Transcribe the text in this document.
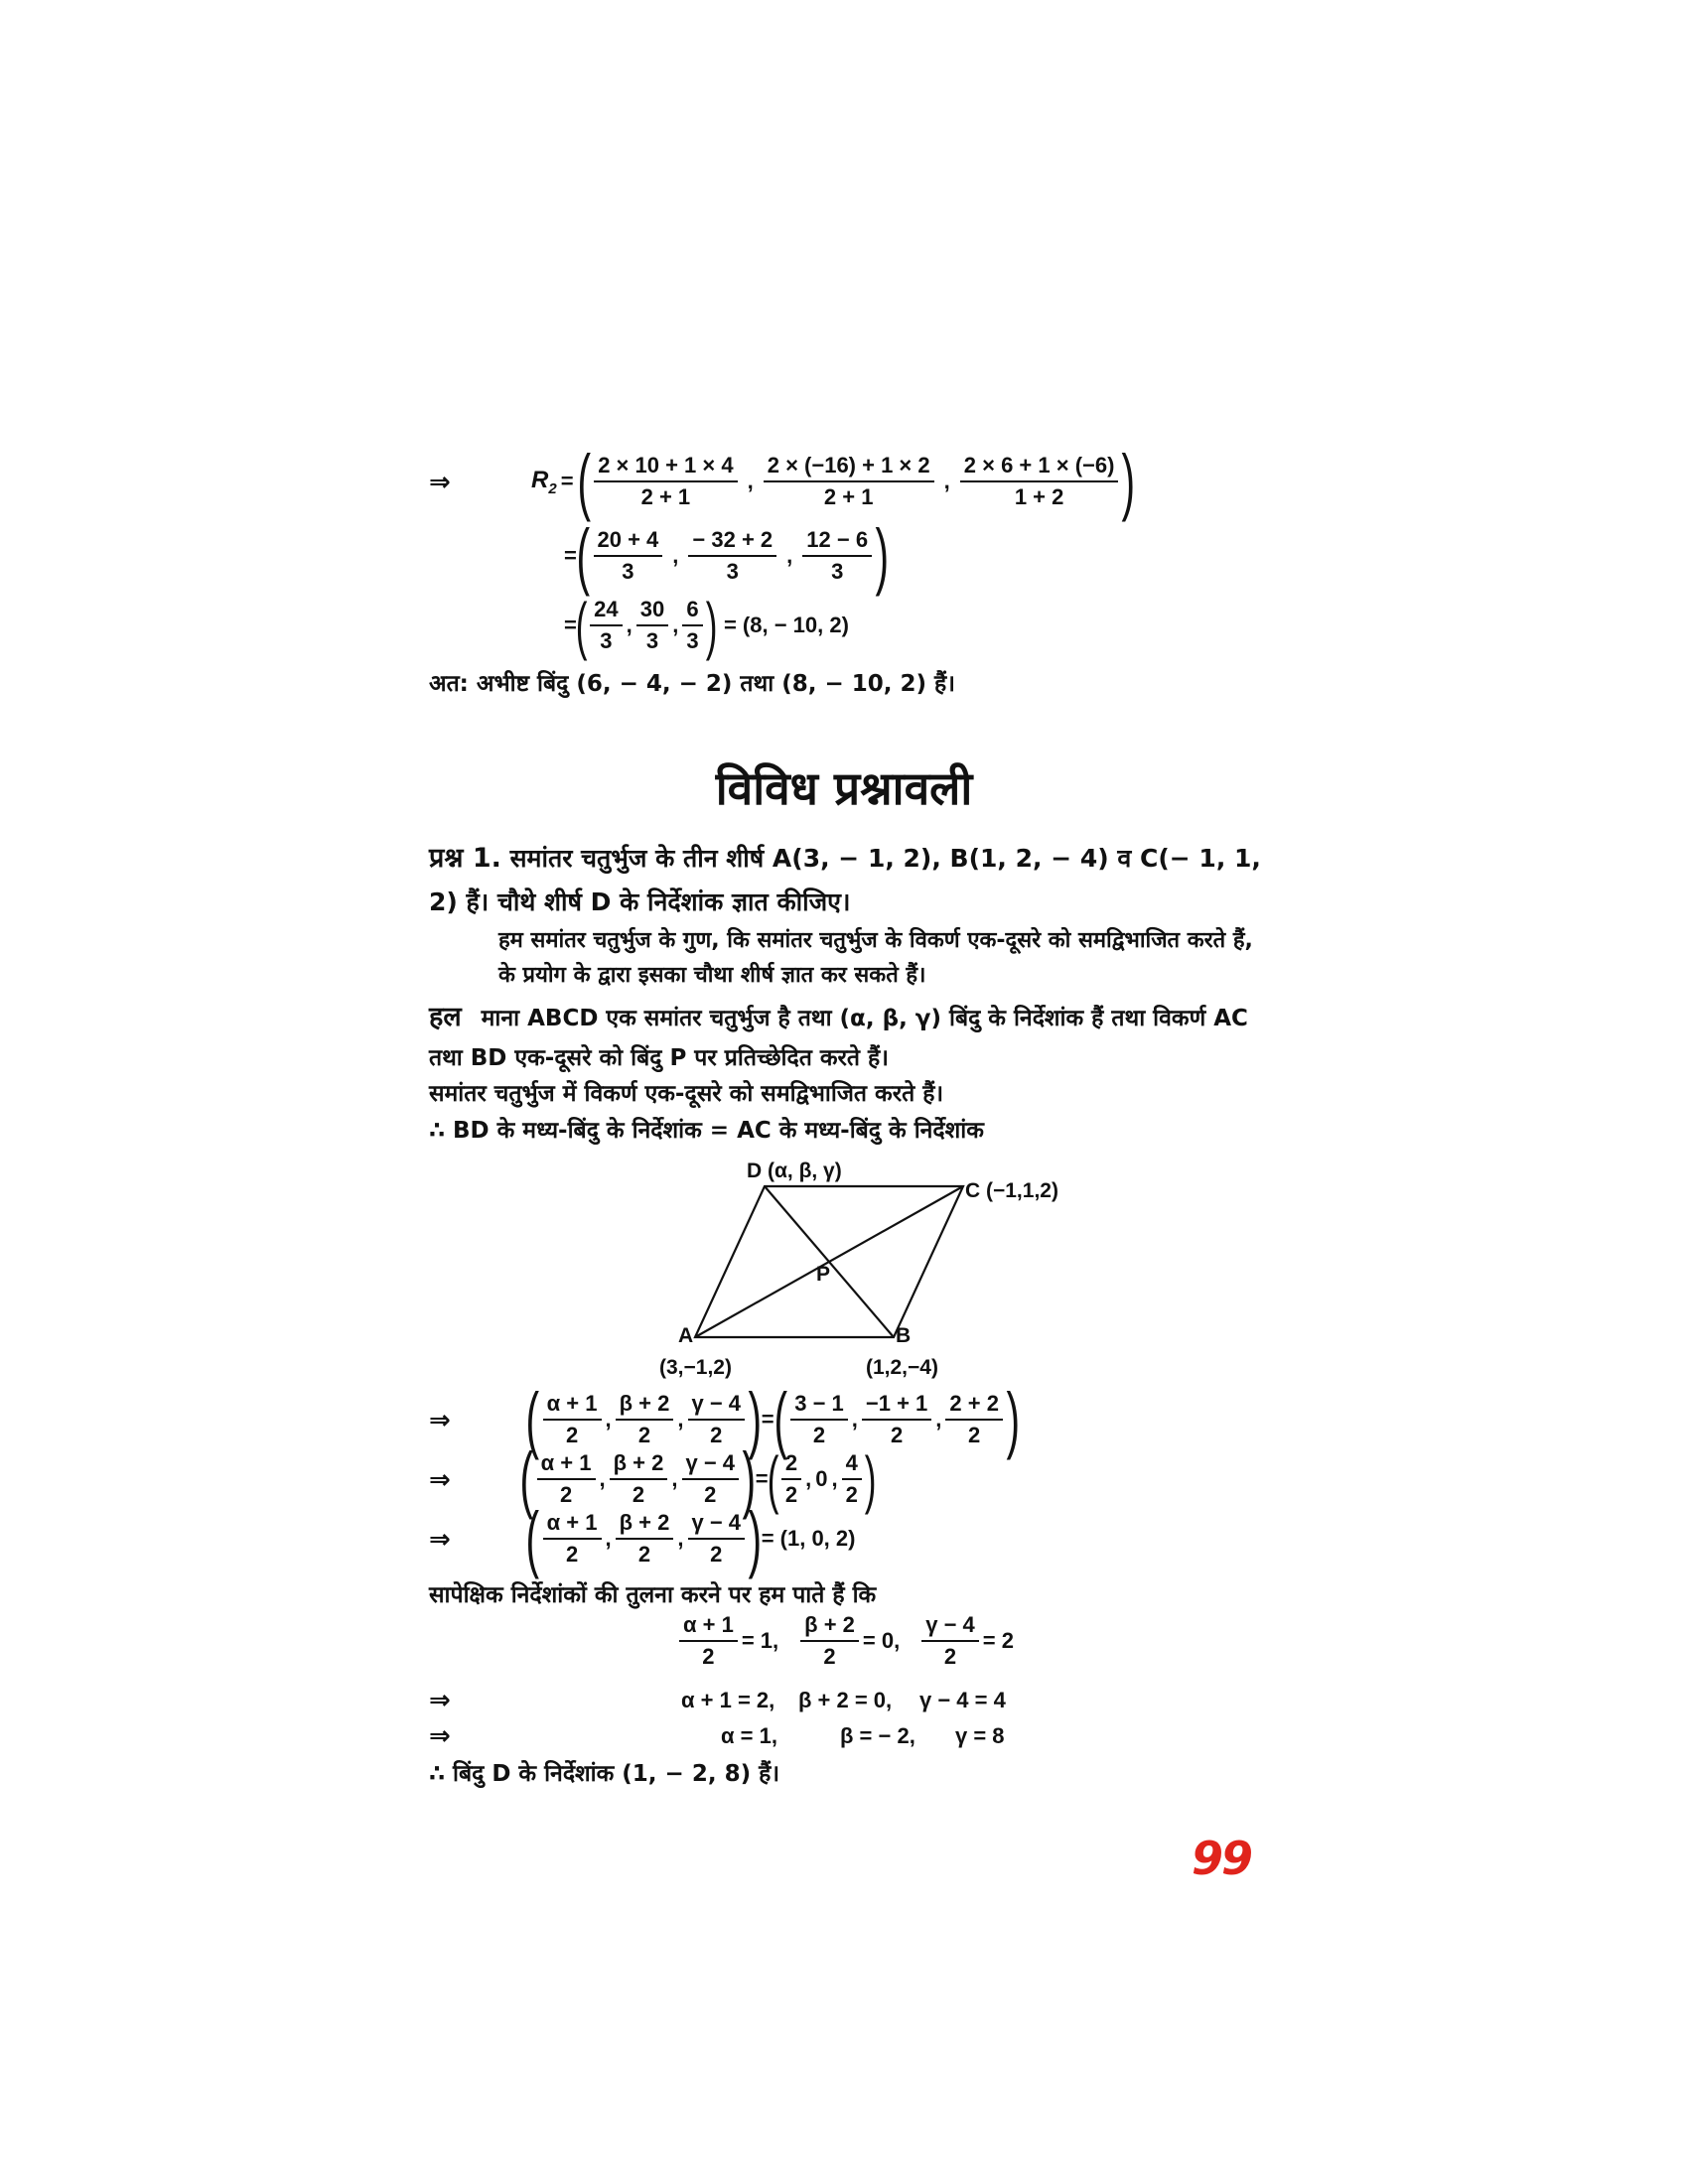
⇒	$R_2$ = ( $\frac{2 \times 10 + 1 \times 4}{2 + 1}$ , $\frac{2 \times (-16) + 1 \times 2}{2 + 1}$ , $\frac{2 \times 6 + 1 \times (-6)}{1 + 2}$ )
= ( $\frac{20 + 4}{3}$ , $\frac{- 32 + 2}{3}$ , $\frac{12 - 6}{3}$ )
=
( $\frac{24}{3}$ , $\frac{30}{3}$ , $\frac{6}{3}$ ) = (8, − 10, 2)
अत: अभीष्ट बिंदु (6, − 4, − 2) तथा (8, − 10, 2) हैं।
विविध प्रश्नावली
प्रश्न 1. समांतर चतुर्भुज के तीन शीर्ष A(3, − 1, 2), B(1, 2, − 4) व C(− 1, 1, 2) हैं। चौथे शीर्ष D के निर्देशांक ज्ञात कीजिए।
हम समांतर चतुर्भुज के गुण, कि समांतर चतुर्भुज के विकर्ण एक-दूसरे को समद्विभाजित करते हैं, के प्रयोग के द्वारा इसका चौथा शीर्ष ज्ञात कर सकते हैं।
हल माना ABCD एक समांतर चतुर्भुज है तथा (α, β, γ) बिंदु के निर्देशांक हैं तथा विकर्ण AC तथा BD एक-दूसरे को बिंदु P पर प्रतिच्छेदित करते हैं।
समांतर चतुर्भुज में विकर्ण एक-दूसरे को समद्विभाजित करते हैं।
∴ BD के मध्य-बिंदु के निर्देशांक = AC के मध्य-बिंदु के निर्देशांक
D (α, β, γ)
C (−1,1,2)
P
A
(3,−1,2)
B
(1,2,−4)
⇒ ( $\frac{\alpha + 1}{2}$ , $\frac{\beta + 2}{2}$ , $\frac{\gamma - 4}{2}$ ) = ( $\frac{3 - 1}{2}$ , $\frac{-1 + 1}{2}$ , $\frac{2 + 2}{2}$ )
⇒ ( $\frac{\alpha + 1}{2}$ , $\frac{\beta + 2}{2}$ , $\frac{\gamma - 4}{2}$ ) =
( $\frac{2}{2}$ , 0 , $\frac{4}{2}$ )
⇒ ( $\frac{\alpha + 1}{2}$ , $\frac{\beta + 2}{2}$ , $\frac{\gamma - 4}{2}$ ) = (1, 0, 2)
सापेक्षिक निर्देशांकों की तुलना करने पर हम पाते हैं कि
$\frac{\alpha + 1}{2} = 1$, $\frac{\beta + 2}{2} = 0$, $\frac{\gamma - 4}{2} = 2$
⇒	α + 1 = 2,	β + 2 = 0,	γ − 4 = 4
⇒	α = 1,	β = − 2,	γ = 8
∴ बिंदु D के निर्देशांक (1, − 2, 8) हैं।
99
